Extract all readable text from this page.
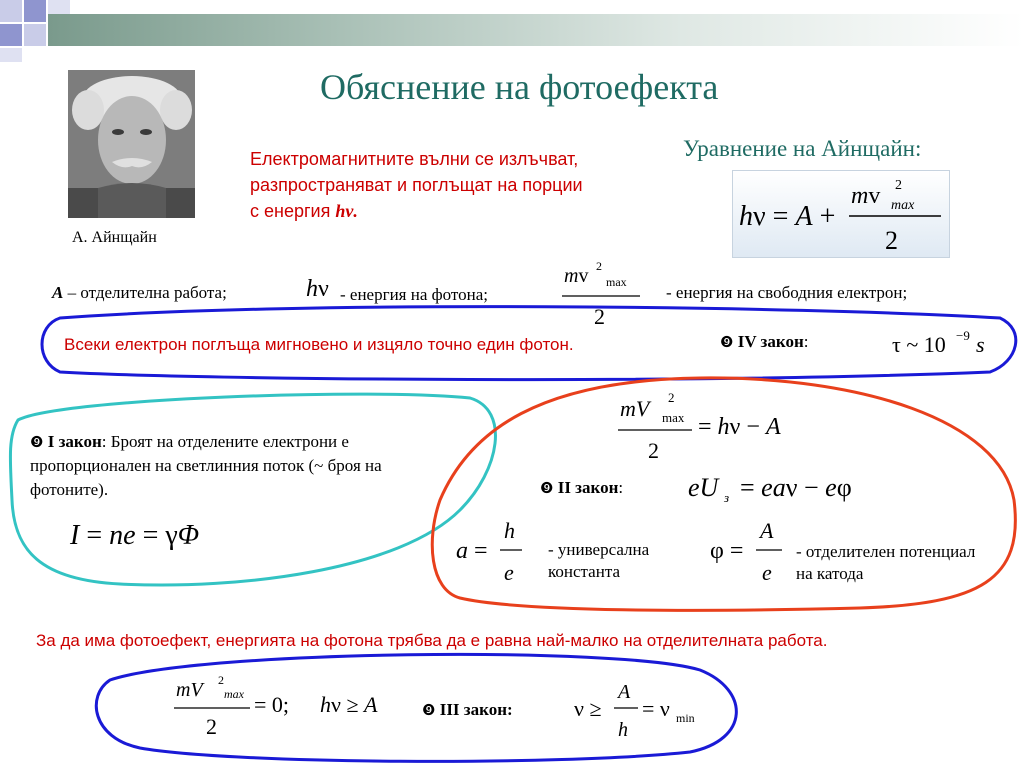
Обяснение на фотоефекта
А. Айнщайн
Електромагнитните вълни се излъчват, разпространяват и поглъщат на порции с енергия hν.
Уравнение на Айнщайн:
hν = A +
mv 2
max
2
A – отделителна работа;	hν - енергия на фотона;
mv 2
max
2
- енергия на свободния електрон;
Всеки електрон поглъща мигновено и изцяло точно един фотон.	❾ IV закон:	τ ~ 10 −9 s
❾ I закон: Броят на отделените електрони е пропорционален на светлинния поток (~ броя на фотоните).
I = ne = γΦ
mV 2
max
2
= hν − A
❾ II закон: eU з = eaν − eφ
a =
h
e
- универсална константа
φ =
A
e
- отделителен потенциал на катода
За да има фотоефект, енергията на фотона трябва да е равна най-малко на отделителната работа.
mV 2
max
2
= 0; hν ≥ A	❾ III закон:	ν ≥
A
h
= ν min
